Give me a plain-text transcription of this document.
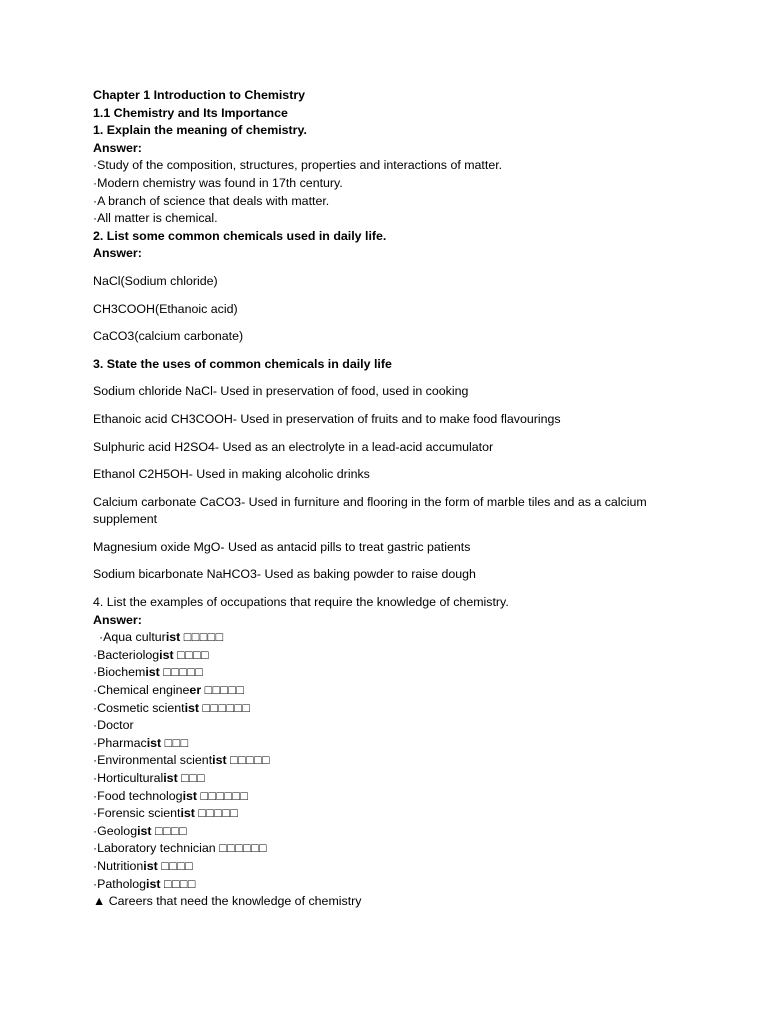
Chapter 1 Introduction to Chemistry
1.1 Chemistry and Its Importance
1. Explain the meaning of chemistry.
Answer:
·Study of the composition, structures, properties and interactions of matter.
·Modern chemistry was found in 17th century.
·A branch of science that deals with matter.
·All matter is chemical.
2. List some common chemicals used in daily life.
Answer:
NaCl(Sodium chloride)
CH3COOH(Ethanoic acid)
CaCO3(calcium carbonate)
3. State the uses of common chemicals in daily life
Sodium chloride NaCl- Used in preservation of food, used in cooking
Ethanoic acid CH3COOH- Used in preservation of fruits and to make food flavourings
Sulphuric acid H2SO4- Used as an electrolyte in a lead-acid accumulator
Ethanol C2H5OH- Used in making alcoholic drinks
Calcium carbonate CaCO3- Used in furniture and flooring in the form of marble tiles and as a calcium supplement
Magnesium oxide MgO- Used as antacid pills to treat gastric patients
Sodium bicarbonate NaHCO3- Used as baking powder to raise dough
4. List the examples of occupations that require the knowledge of chemistry.
Answer:
·Aqua culturist □□□□□
·Bacteriologist □□□□
·Biochemist □□□□□
·Chemical engineer □□□□□
·Cosmetic scientist □□□□□□
·Doctor
·Pharmacist □□□
·Environmental scientist □□□□□
·Horticulturalist □□□
·Food technologist □□□□□□
·Forensic scientist □□□□□
·Geologist □□□□
·Laboratory technician □□□□□□
·Nutritionist □□□□
·Pathologist □□□□
▲ Careers that need the knowledge of chemistry
